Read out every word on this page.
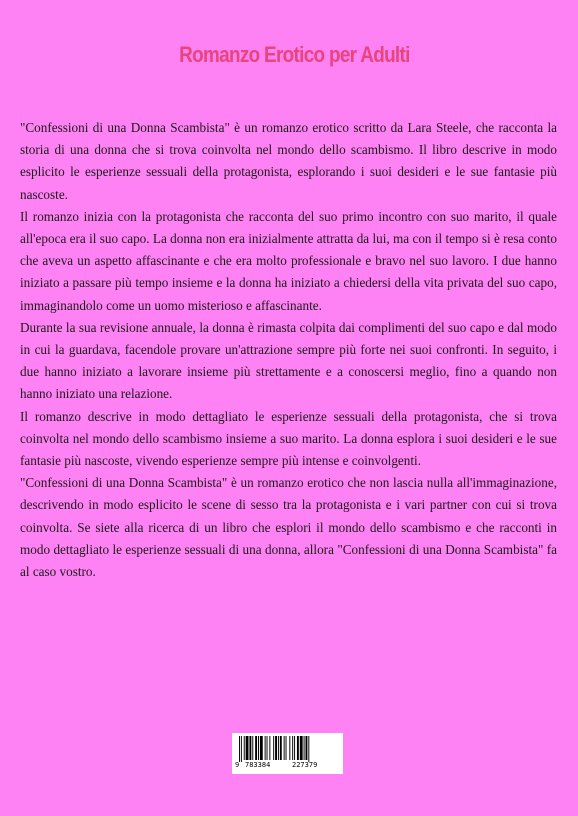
Romanzo Erotico per Adulti

"Confessioni di una Donna Scambista" è un romanzo erotico scritto da Lara Steele, che racconta la storia di una donna che si trova coinvolta nel mondo dello scambismo. Il libro descrive in modo esplicito le esperienze sessuali della protagonista, esplorando i suoi desideri e le sue fantasie più nascoste.

Il romanzo inizia con la protagonista che racconta del suo primo incontro con suo marito, il quale all'epoca era il suo capo. La donna non era inizialmente attratta da lui, ma con il tempo si è resa conto che aveva un aspetto affascinante e che era molto professionale e bravo nel suo lavoro. I due hanno iniziato a passare più tempo insieme e la donna ha iniziato a chiedersi della vita privata del suo capo, immaginandolo come un uomo misterioso e affascinante.

Durante la sua revisione annuale, la donna è rimasta colpita dai complimenti del suo capo e dal modo in cui la guardava, facendole provare un'attrazione sempre più forte nei suoi confronti. In seguito, i due hanno iniziato a lavorare insieme più strettamente e a conoscersi meglio, fino a quando non hanno iniziato una relazione.

Il romanzo descrive in modo dettagliato le esperienze sessuali della protagonista, che si trova coinvolta nel mondo dello scambismo insieme a suo marito. La donna esplora i suoi desideri e le sue fantasie più nascoste, vivendo esperienze sempre più intense e coinvolgenti.

"Confessioni di una Donna Scambista" è un romanzo erotico che non lascia nulla all'immaginazione, descrivendo in modo esplicito le scene di sesso tra la protagonista e i vari partner con cui si trova coinvolta. Se siete alla ricerca di un libro che esplori il mondo dello scambismo e che racconti in modo dettagliato le esperienze sessuali di una donna, allora "Confessioni di una Donna Scambista" fa al caso vostro.

9 783384	227379
